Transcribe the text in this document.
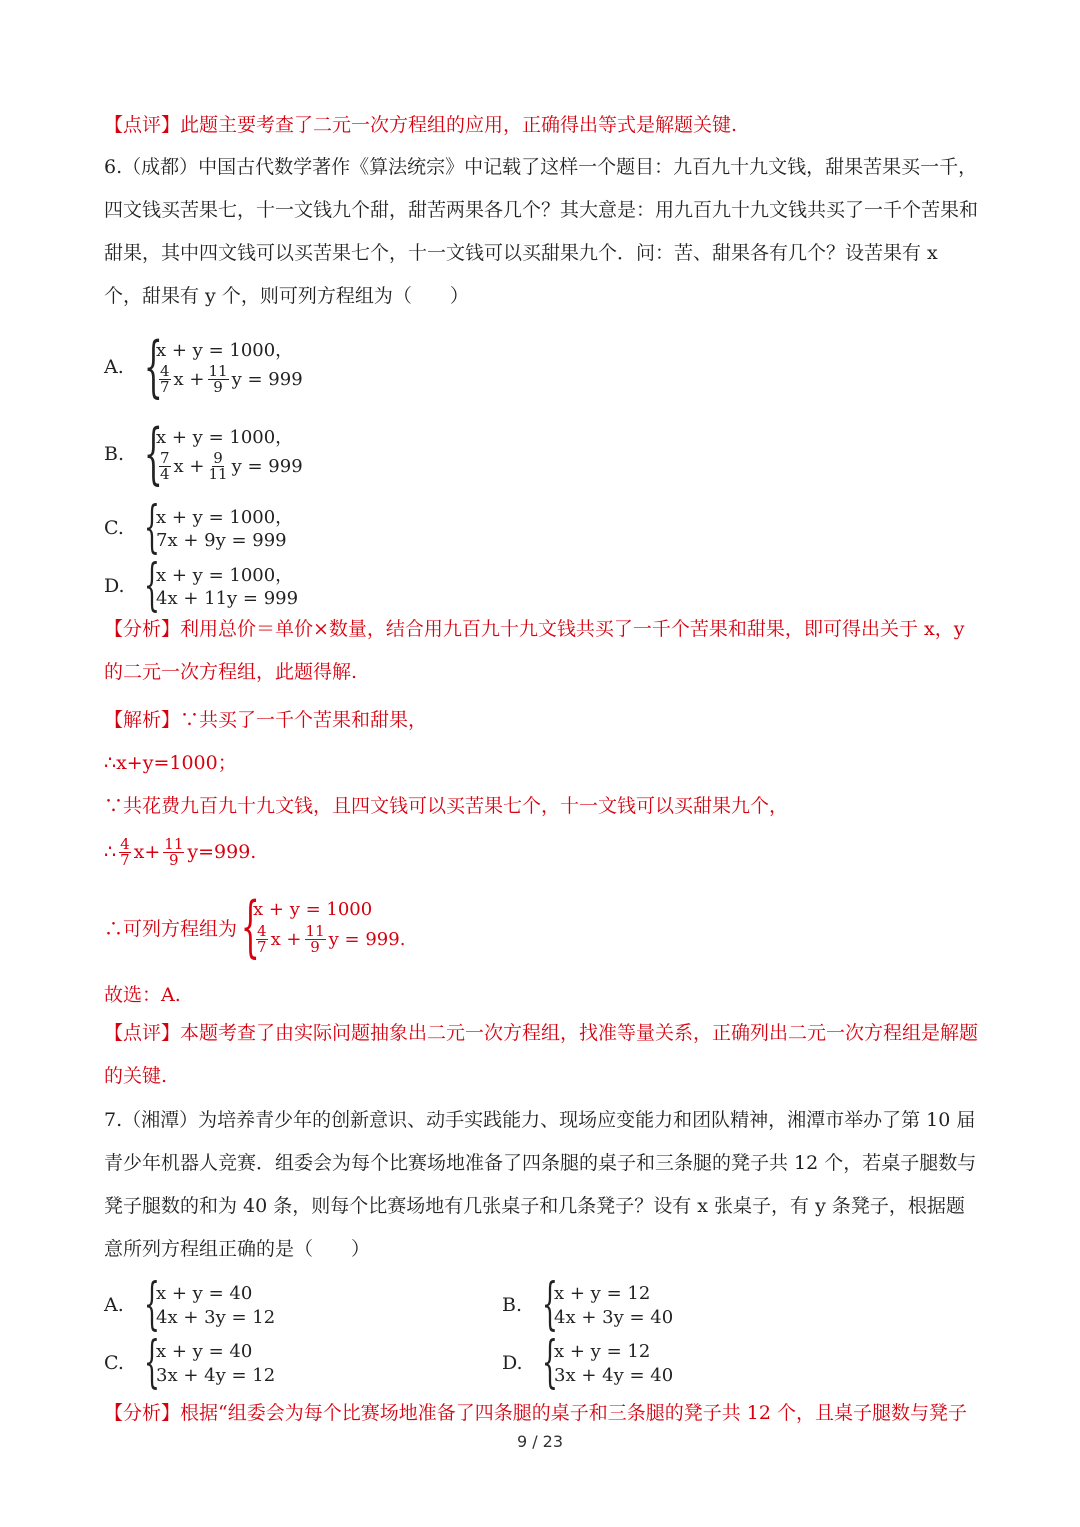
【点评】此题主要考查了二元一次方程组的应用，正确得出等式是解题关键.
6.（成都）中国古代数学著作《算法统宗》中记载了这样一个题目：九百九十九文钱，甜果苦果买一千，四文钱买苦果七，十一文钱九个甜，甜苦两果各几个？其大意是：用九百九十九文钱共买了一千个苦果和甜果，其中四文钱可以买苦果七个，十一文钱可以买甜果九个．问：苦、甜果各有几个？设苦果有 x 个，甜果有 y 个，则可列方程组为（　　）
A. {
x + y = 1000，
$\frac{4}{7}$ $x + \frac{11}{9}$ y = 999
B. {
x + y = 1000，
$\frac{7}{4}$ $x + \frac{9}{11}$ y = 999
C. {
x + y = 1000，
7x + 9y = 999
D. {
x + y = 1000，
4x + 11y = 999
【分析】利用总价＝单价×数量，结合用九百九十九文钱共买了一千个苦果和甜果，即可得出关于 x，y 的二元一次方程组，此题得解.
【解析】∵共买了一千个苦果和甜果，
∴x+y=1000；
∵共花费九百九十九文钱，且四文钱可以买苦果七个，十一文钱可以买甜果九个，
∴ $\frac{4}{7} x+ \frac{11}{9} y=999$.
∴可列方程组为 {
x + y = 1000
$\frac{4}{7}$ $x + \frac{11}{9}$ y = 999 .
故选：A.
【点评】本题考查了由实际问题抽象出二元一次方程组，找准等量关系，正确列出二元一次方程组是解题的关键.
7.（湘潭）为培养青少年的创新意识、动手实践能力、现场应变能力和团队精神，湘潭市举办了第 10 届青少年机器人竞赛．组委会为每个比赛场地准备了四条腿的桌子和三条腿的凳子共 12 个，若桌子腿数与凳子腿数的和为 40 条，则每个比赛场地有几张桌子和几条凳子？设有 x 张桌子，有 y 条凳子，根据题意所列方程组正确的是（　　）
A. {
x + y = 40
4x + 3y = 12
B. {
x + y = 12
4x + 3y = 40
C. {
x + y = 40
3x + 4y = 12
D. {
x + y = 12
3x + 4y = 40
【分析】根据“组委会为每个比赛场地准备了四条腿的桌子和三条腿的凳子共 12 个，且桌子腿数与凳子
9 / 23
